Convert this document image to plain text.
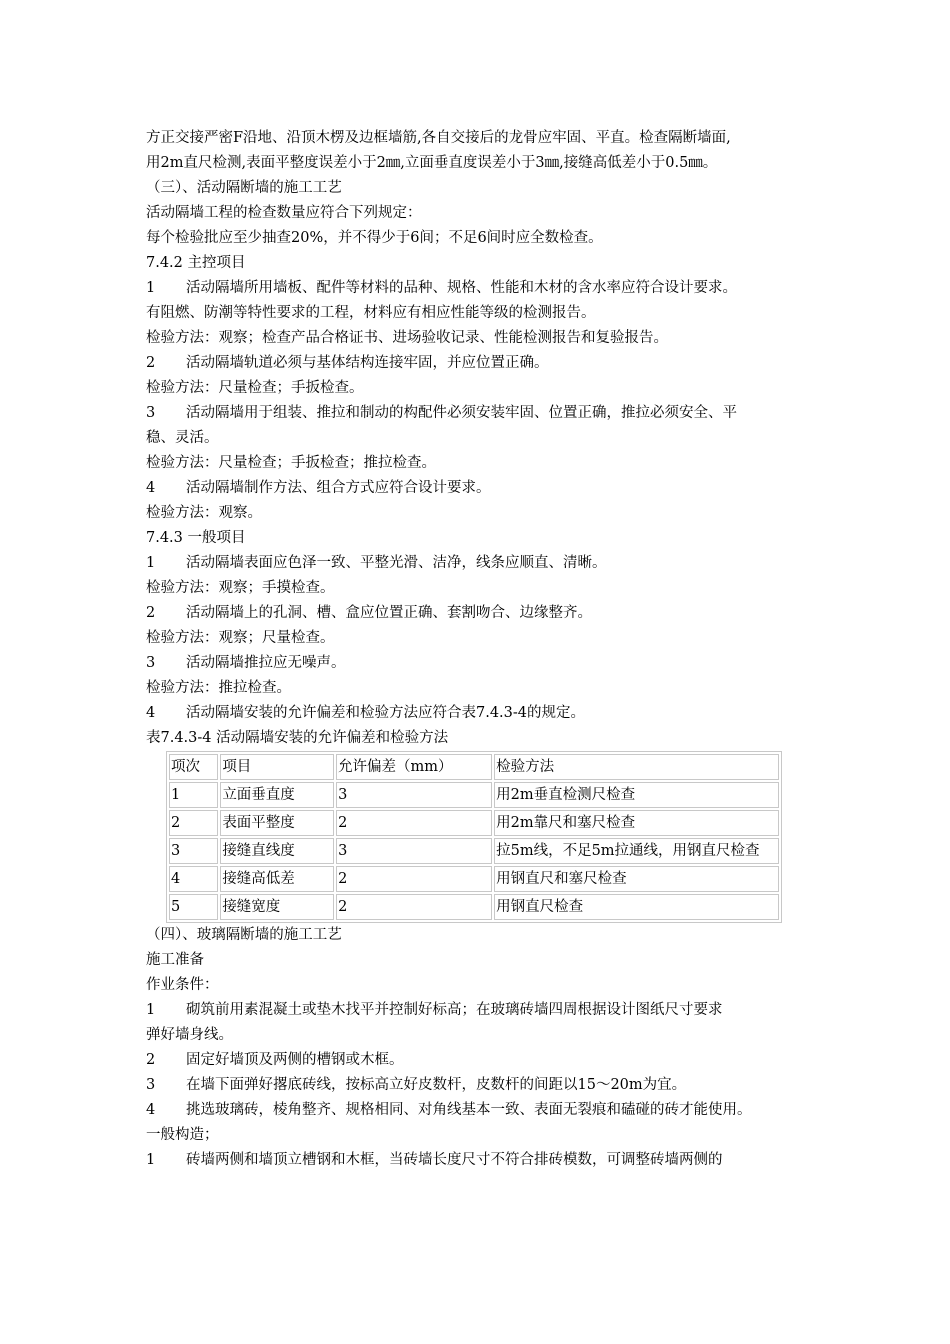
方正交接严密F沿地、沿顶木楞及边框墙筋,各自交接后的龙骨应牢固、平直。检查隔断墙面,

用2m直尺检测,表面平整度误差小于2㎜,立面垂直度误差小于3㎜,接缝高低差小于0.5㎜。

（三）、活动隔断墙的施工工艺

活动隔墙工程的检查数量应符合下列规定：

每个检验批应至少抽查20%，并不得少于6间；不足6间时应全数检查。

7.4.2 主控项目

1 活动隔墙所用墙板、配件等材料的品种、规格、性能和木材的含水率应符合设计要求。

有阻燃、防潮等特性要求的工程，材料应有相应性能等级的检测报告。

检验方法：观察；检查产品合格证书、进场验收记录、性能检测报告和复验报告。

2 活动隔墙轨道必须与基体结构连接牢固，并应位置正确。

检验方法：尺量检查；手扳检查。

3 活动隔墙用于组装、推拉和制动的构配件必须安装牢固、位置正确，推拉必须安全、平

稳、灵活。

检验方法：尺量检查；手扳检查；推拉检查。

4 活动隔墙制作方法、组合方式应符合设计要求。

检验方法：观察。

7.4.3 一般项目

1 活动隔墙表面应色泽一致、平整光滑、洁净，线条应顺直、清晰。

检验方法：观察；手摸检查。

2 活动隔墙上的孔洞、槽、盒应位置正确、套割吻合、边缘整齐。

检验方法：观察；尺量检查。

3 活动隔墙推拉应无噪声。

检验方法：推拉检查。

4 活动隔墙安装的允许偏差和检验方法应符合表7.4.3-4的规定。

表7.4.3-4 活动隔墙安装的允许偏差和检验方法

项次	项目	允许偏差（mm）	检验方法
1	立面垂直度	3	用2m垂直检测尺检查
2	表面平整度	2	用2m靠尺和塞尺检查
3	接缝直线度	3	拉5m线，不足5m拉通线，用钢直尺检查
4	接缝高低差	2	用钢直尺和塞尺检查
5	接缝宽度	2	用钢直尺检查

（四）、玻璃隔断墙的施工工艺

施工准备

作业条件：

1 砌筑前用素混凝土或垫木找平并控制好标高；在玻璃砖墙四周根据设计图纸尺寸要求

弹好墙身线。

2 固定好墙顶及两侧的槽钢或木框。

3 在墙下面弹好撂底砖线，按标高立好皮数杆，皮数杆的间距以15～20m为宜。

4 挑选玻璃砖，棱角整齐、规格相同、对角线基本一致、表面无裂痕和磕碰的砖才能使用。

一般构造；

1 砖墙两侧和墙顶立槽钢和木框，当砖墙长度尺寸不符合排砖模数，可调整砖墙两侧的
